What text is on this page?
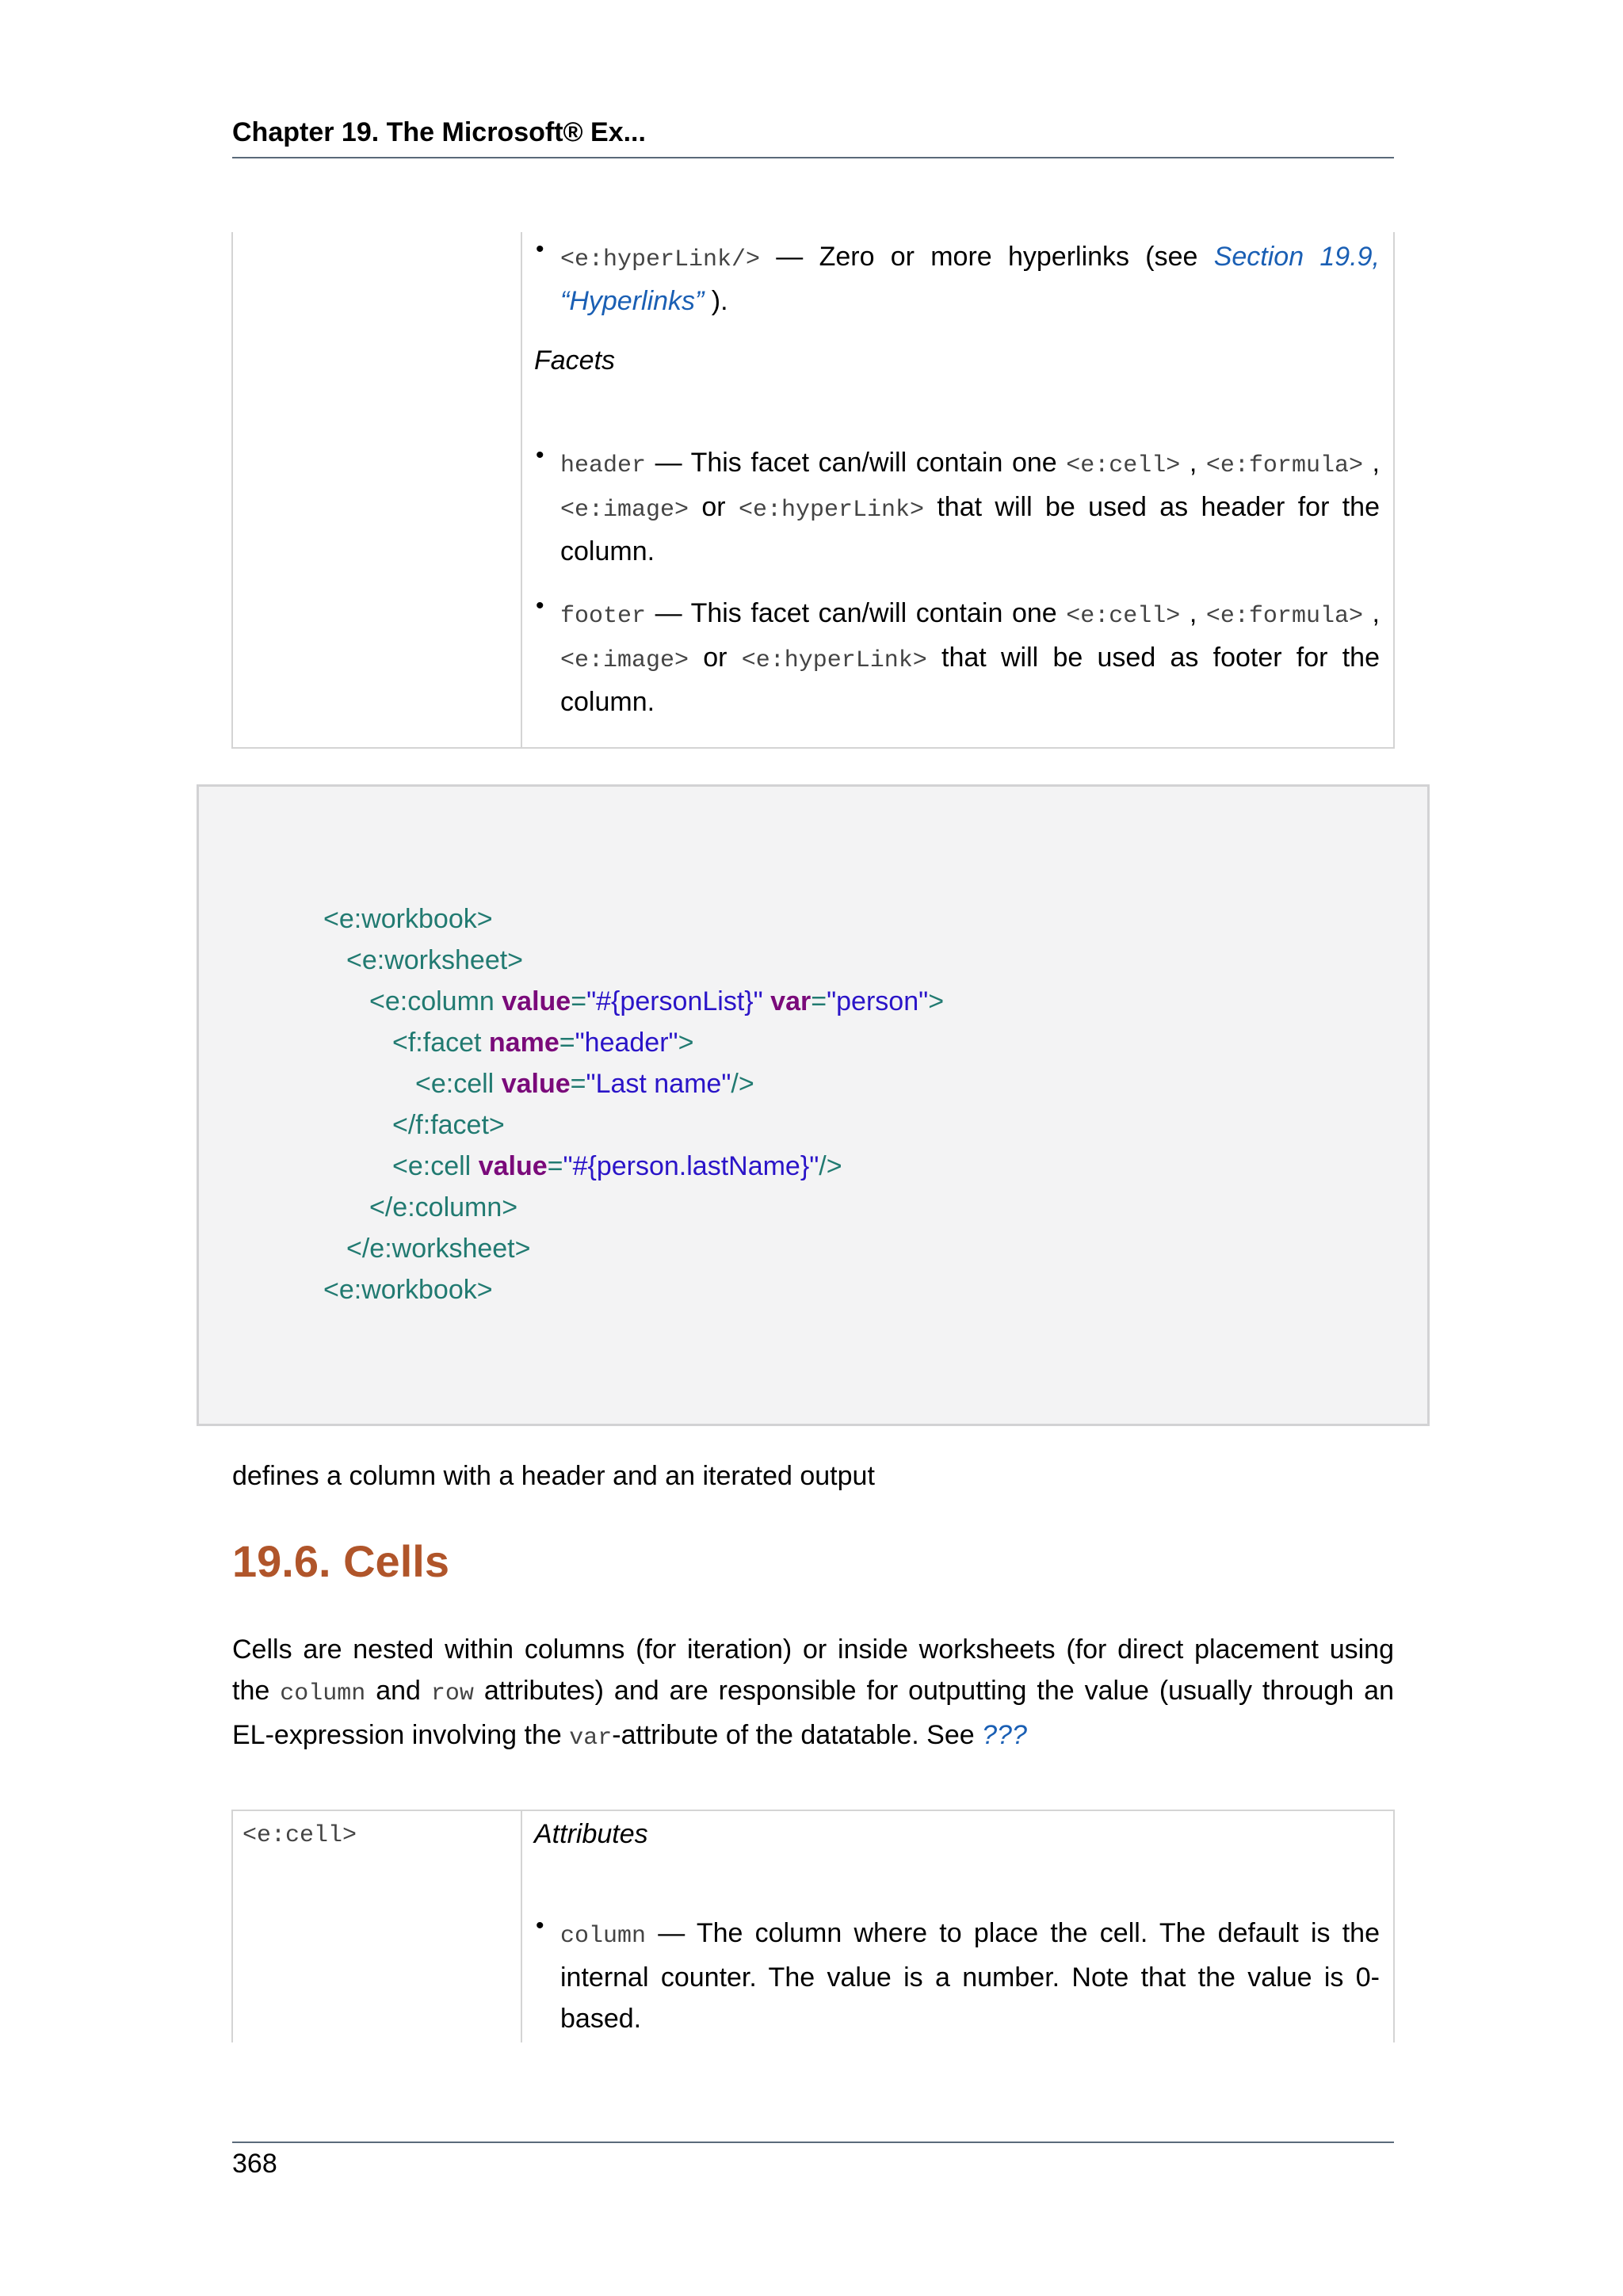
Chapter 19. The Microsoft® Ex...
• <e:hyperLink/> — Zero or more hyperlinks (see Section 19.9, “Hyperlinks” ).
Facets
• header — This facet can/will contain one <e:cell> , <e:formula> , <e:image> or <e:hyperLink> that will be used as header for the column.
• footer — This facet can/will contain one <e:cell> , <e:formula> , <e:image> or <e:hyperLink> that will be used as footer for the column.
<e:workbook>
<e:worksheet>
<e:column value="#{personList}" var="person">
<f:facet name="header">
<e:cell value="Last name"/>
</f:facet>
<e:cell value="#{person.lastName}"/>
</e:column>
</e:worksheet>
<e:workbook>
defines a column with a header and an iterated output
19.6. Cells
Cells are nested within columns (for iteration) or inside worksheets (for direct placement using the column and row attributes) and are responsible for outputting the value (usually through an EL-expression involving the var-attribute of the datatable. See ???
<e:cell>	Attributes
• column — The column where to place the cell. The default is the internal counter. The value is a number. Note that the value is 0-based.
368
